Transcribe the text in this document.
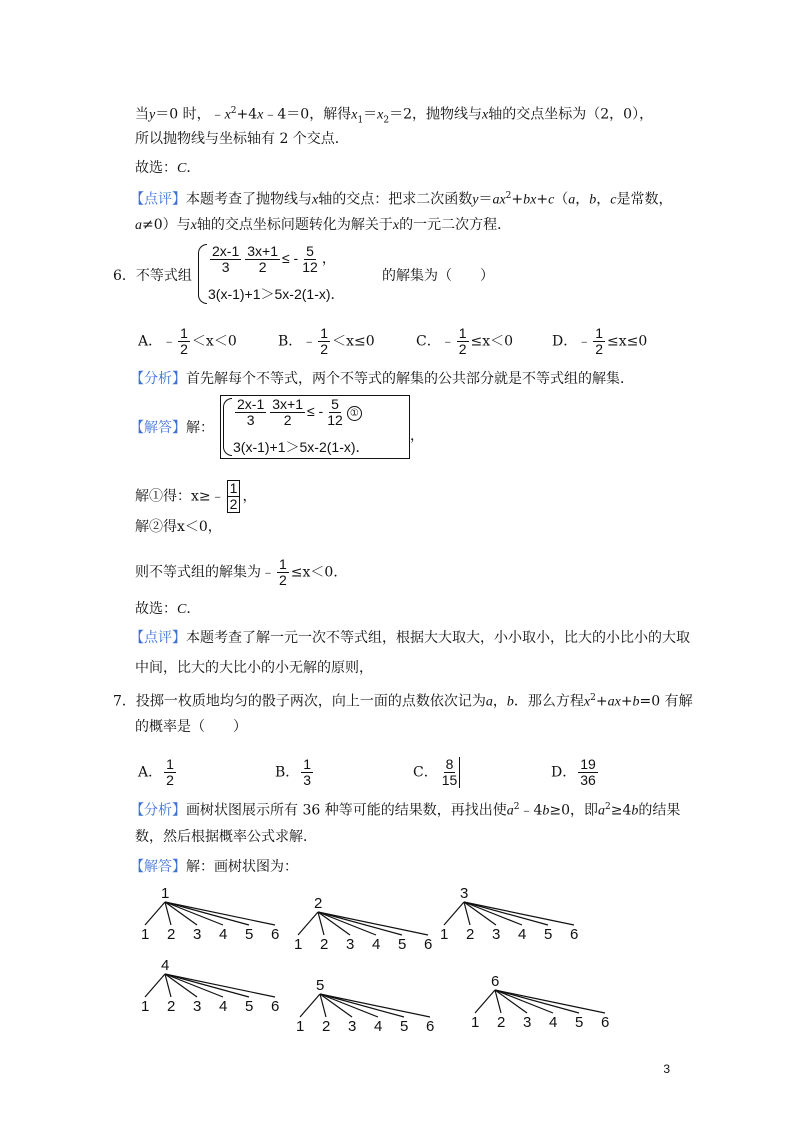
当y＝0 时，$﹣x^2+4x﹣4=0$，解得$x_1=x_2=2$，抛物线与x轴的交点坐标为（2，0），
所以抛物线与坐标轴有 2 个交点．
故选：C．
【点评】本题考查了抛物线与x轴的交点：把求二次函数$y=ax^2+bx+c(a$，b，c是常数，
a≠0）与x轴的交点坐标问题转化为解关于x的一元二次方程．
6．不等式组
$\frac{2x-1}{3} \frac{3x+1}{2}$ ≤ - $\frac{5}{12}$ ，
3(x-1)+1＞5x-2(1-x)．
的解集为（　　）
A．﹣ $\frac{1}{2} <x<0$	B．﹣ $\frac{1}{2} <x\le 0$	C．﹣ $\frac{1}{2} \le x<0$	D．﹣ $\frac{1}{2} \le x\le 0$
【分析】首先解每个不等式，两个不等式的解集的公共部分就是不等式组的解集．
【解答】解： $\frac{2x-1}{3} \frac{3x+1}{2}$ ≤ - $\frac{5}{12}$ ①
3(x-1)+1＞5x-2(1-x)．
，
解①得：x≥﹣ $\frac{1}{2}$ ，
解②得x＜0，
则不等式组的解集为﹣ $\frac{1}{2} \le x<0$．
故选：C．
【点评】本题考查了解一元一次不等式组，根据大大取大，小小取小，比大的小比小的大取
中间，比大的大比小的小无解的原则，
7．投掷一枚质地均匀的骰子两次，向上一面的点数依次记为a，b．那么方程$x^2+ax+b=0$ 有解
的概率是（　　）
A． $\frac{1}{2}$	B． $\frac{1}{3}$	C． $\frac{8}{15}$	D． $\frac{19}{36}$
【分析】画树状图展示所有 36 种等可能的结果数，再找出使$a^2﹣4b\ge 0$，即$a^2\ge 4b$的结果
数，然后根据概率公式求解．
【解答】解：画树状图为：
1
1 2 3 4 5 6
2
1 2 3 4 5 6
3
1 2 3 4 5 6
4
1 2 3 4 5 6
5
1 2 3 4 5 6
6
1 2 3 4 5 6
3
